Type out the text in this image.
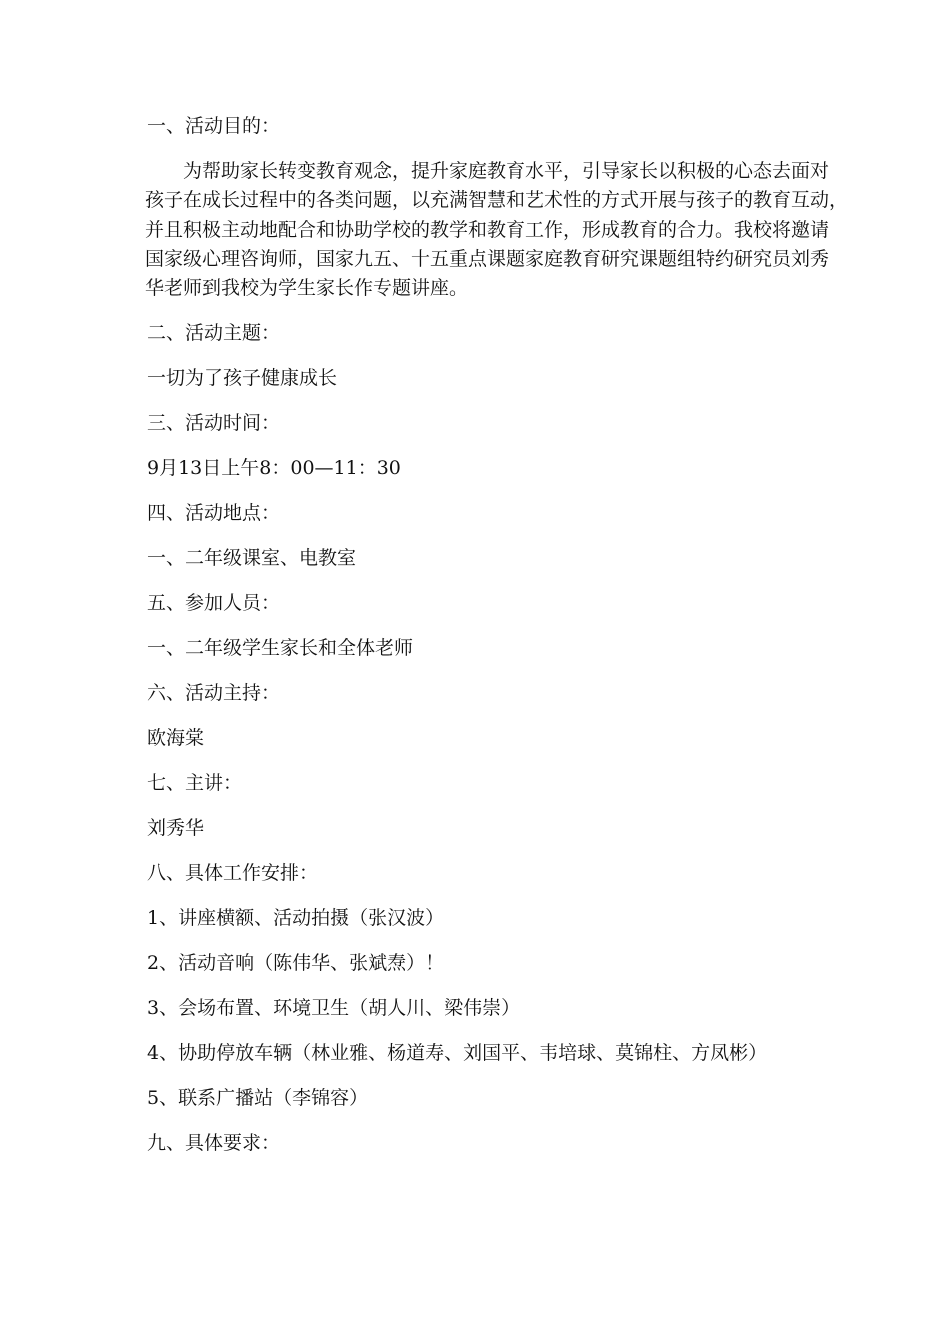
一、活动目的：
为帮助家长转变教育观念，提升家庭教育水平，引导家长以积极的心态去面对
孩子在成长过程中的各类问题，以充满智慧和艺术性的方式开展与孩子的教育互动，
并且积极主动地配合和协助学校的教学和教育工作，形成教育的合力。我校将邀请
国家级心理咨询师，国家九五、十五重点课题家庭教育研究课题组特约研究员刘秀
华老师到我校为学生家长作专题讲座。
二、活动主题：
一切为了孩子健康成长
三、活动时间：
9月13日上午8：00—11：30
四、活动地点：
一、二年级课室、电教室
五、参加人员：
一、二年级学生家长和全体老师
六、活动主持：
欧海棠
七、主讲：
刘秀华
八、具体工作安排：
1、讲座横额、活动拍摄（张汉波）
2、活动音响（陈伟华、张斌焘）！
3、会场布置、环境卫生（胡人川、梁伟崇）
4、协助停放车辆（林业雅、杨道寿、刘国平、韦培球、莫锦柱、方凤彬）
5、联系广播站（李锦容）
九、具体要求：
